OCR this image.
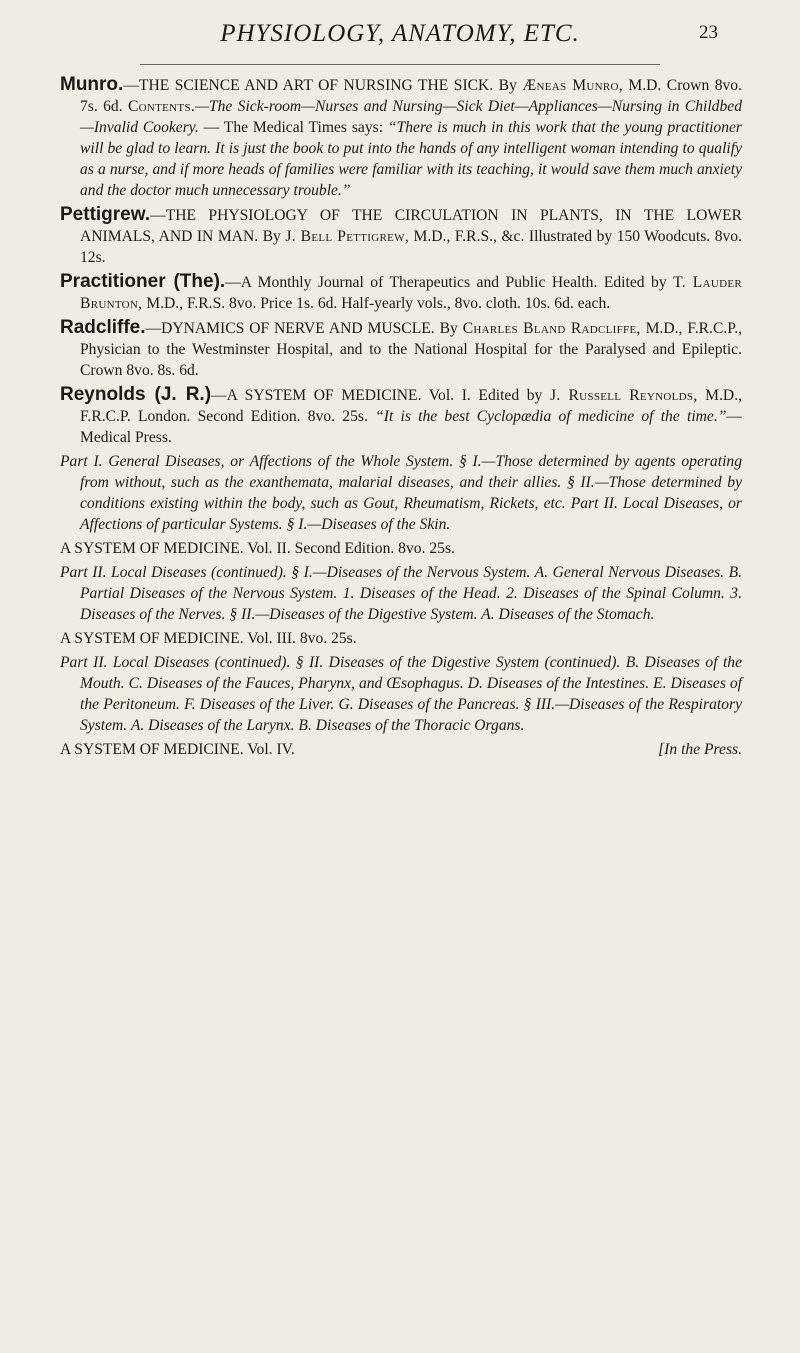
PHYSIOLOGY, ANATOMY, ETC.	23

Munro.—THE SCIENCE AND ART OF NURSING THE SICK. By Æneas Munro, M.D. Crown 8vo. 7s. 6d. Contents.—The Sick-room—Nurses and Nursing—Sick Diet—Appliances—Nursing in Childbed—Invalid Cookery. — The Medical Times says: “There is much in this work that the young practitioner will be glad to learn. It is just the book to put into the hands of any intelligent woman intending to qualify as a nurse, and if more heads of families were familiar with its teaching, it would save them much anxiety and the doctor much unnecessary trouble.”

Pettigrew.—THE PHYSIOLOGY OF THE CIRCULATION IN PLANTS, IN THE LOWER ANIMALS, AND IN MAN. By J. Bell Pettigrew, M.D., F.R.S., &c. Illustrated by 150 Woodcuts. 8vo. 12s.

Practitioner (The).—A Monthly Journal of Therapeutics and Public Health. Edited by T. Lauder Brunton, M.D., F.R.S. 8vo. Price 1s. 6d. Half-yearly vols., 8vo. cloth. 10s. 6d. each.

Radcliffe.—DYNAMICS OF NERVE AND MUSCLE. By Charles Bland Radcliffe, M.D., F.R.C.P., Physician to the Westminster Hospital, and to the National Hospital for the Paralysed and Epileptic. Crown 8vo. 8s. 6d.

Reynolds (J. R.)—A SYSTEM OF MEDICINE. Vol. I. Edited by J. Russell Reynolds, M.D., F.R.C.P. London. Second Edition. 8vo. 25s. “It is the best Cyclopædia of medicine of the time.”—Medical Press.

Part I. General Diseases, or Affections of the Whole System. § I.—Those determined by agents operating from without, such as the exanthemata, malarial diseases, and their allies. § II.—Those determined by conditions existing within the body, such as Gout, Rheumatism, Rickets, etc. Part II. Local Diseases, or Affections of particular Systems. § I.—Diseases of the Skin.

A SYSTEM OF MEDICINE. Vol. II. Second Edition. 8vo. 25s.

Part II. Local Diseases (continued). § I.—Diseases of the Nervous System. A. General Nervous Diseases. B. Partial Diseases of the Nervous System. 1. Diseases of the Head. 2. Diseases of the Spinal Column. 3. Diseases of the Nerves. § II.—Diseases of the Digestive System. A. Diseases of the Stomach.

A SYSTEM OF MEDICINE. Vol. III. 8vo. 25s.

Part II. Local Diseases (continued). § II. Diseases of the Digestive System (continued). B. Diseases of the Mouth. C. Diseases of the Fauces, Pharynx, and Œsophagus. D. Diseases of the Intestines. E. Diseases of the Peritoneum. F. Diseases of the Liver. G. Diseases of the Pancreas. § III.—Diseases of the Respiratory System. A. Diseases of the Larynx. B. Diseases of the Thoracic Organs.

A SYSTEM OF MEDICINE. Vol. IV.	[In the Press.
